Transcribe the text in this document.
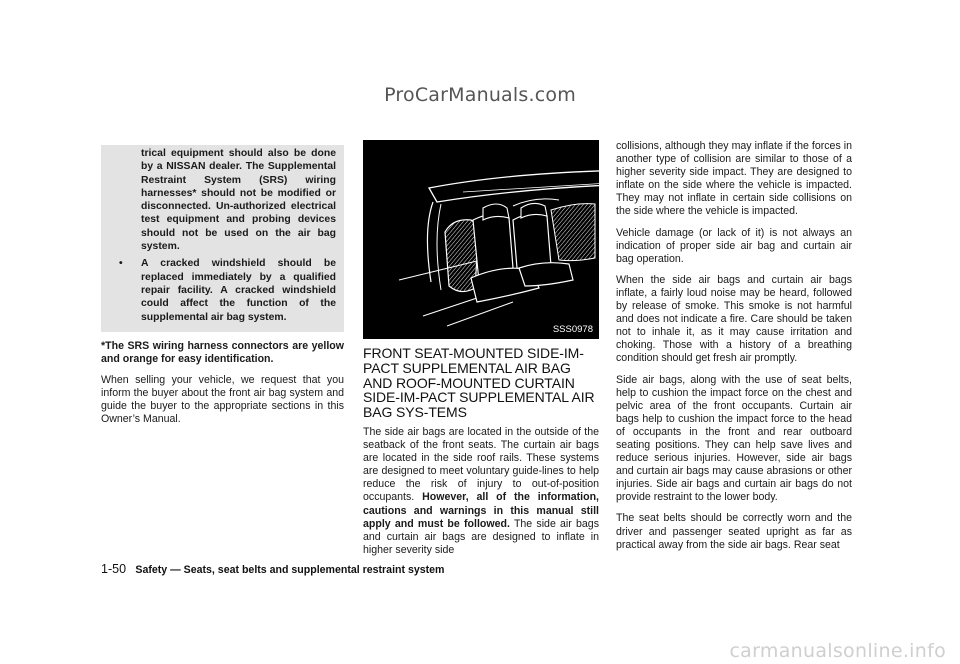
ProCarManuals.com
trical equipment should also be done by a NISSAN dealer. The Supplemental Restraint System (SRS) wiring harnesses* should not be modified or disconnected. Un-authorized electrical test equipment and probing devices should not be used on the air bag system.
•	A cracked windshield should be replaced immediately by a qualified repair facility. A cracked windshield could affect the function of the supplemental air bag system.

*The SRS wiring harness connectors are yellow and orange for easy identification.

When selling your vehicle, we request that you inform the buyer about the front air bag system and guide the buyer to the appropriate sections in this Owner’s Manual.

SSS0978
FRONT SEAT-MOUNTED SIDE-IM-PACT SUPPLEMENTAL AIR BAG AND ROOF-MOUNTED CURTAIN SIDE-IM-PACT SUPPLEMENTAL AIR BAG SYS-TEMS

The side air bags are located in the outside of the seatback of the front seats. The curtain air bags are located in the side roof rails. These systems are designed to meet voluntary guide-lines to help reduce the risk of injury to out-of-position occupants. However, all of the information, cautions and warnings in this manual still apply and must be followed. The side air bags and curtain air bags are designed to inflate in higher severity side

collisions, although they may inflate if the forces in another type of collision are similar to those of a higher severity side impact. They are designed to inflate on the side where the vehicle is impacted. They may not inflate in certain side collisions on the side where the vehicle is impacted.

Vehicle damage (or lack of it) is not always an indication of proper side air bag and curtain air bag operation.

When the side air bags and curtain air bags inflate, a fairly loud noise may be heard, followed by release of smoke. This smoke is not harmful and does not indicate a fire. Care should be taken not to inhale it, as it may cause irritation and choking. Those with a history of a breathing condition should get fresh air promptly.

Side air bags, along with the use of seat belts, help to cushion the impact force on the chest and pelvic area of the front occupants. Curtain air bags help to cushion the impact force to the head of occupants in the front and rear outboard seating positions. They can help save lives and reduce serious injuries. However, side air bags and curtain air bags may cause abrasions or other injuries. Side air bags and curtain air bags do not provide restraint to the lower body.

The seat belts should be correctly worn and the driver and passenger seated upright as far as practical away from the side air bags. Rear seat

1-50 Safety — Seats, seat belts and supplemental restraint system
carmanualsonline.info
